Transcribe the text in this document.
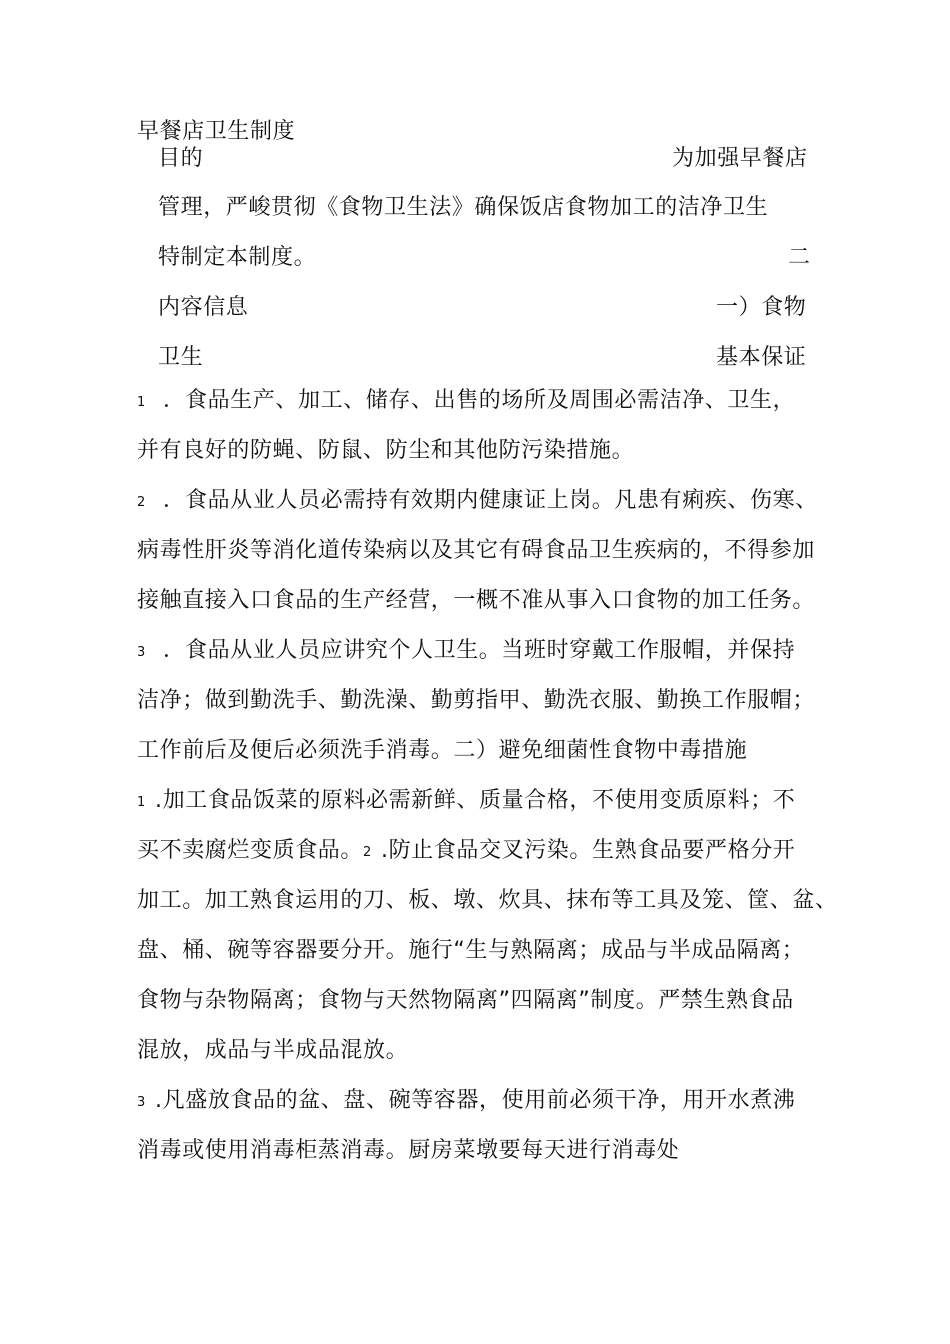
早餐店卫生制度
目的	为加强早餐店
管理，严峻贯彻《食物卫生法》确保饭店食物加工的洁净卫生
特制定本制度。	二
内容信息	一）食物
卫生	基本保证
1 ．食品生产、加工、储存、出售的场所及周围必需洁净、卫生，
并有良好的防蝇、防鼠、防尘和其他防污染措施。
2 ．食品从业人员必需持有效期内健康证上岗。凡患有痢疾、伤寒、
病毒性肝炎等消化道传染病以及其它有碍食品卫生疾病的，不得参加
接触直接入口食品的生产经营，一概不准从事入口食物的加工任务。
3 ．食品从业人员应讲究个人卫生。当班时穿戴工作服帽，并保持
洁净；做到勤洗手、勤洗澡、勤剪指甲、勤洗衣服、勤换工作服帽；
工作前后及便后必须洗手消毒。二）避免细菌性食物中毒措施
1 .加工食品饭菜的原料必需新鲜、质量合格，不使用变质原料；不
买不卖腐烂变质食品。2 .防止食品交叉污染。生熟食品要严格分开
加工。加工熟食运用的刀、板、墩、炊具、抹布等工具及笼、筐、盆、
盘、桶、碗等容器要分开。施行“生与熟隔离；成品与半成品隔离；
食物与杂物隔离；食物与天然物隔离”四隔离”制度。严禁生熟食品
混放，成品与半成品混放。
3 .凡盛放食品的盆、盘、碗等容器，使用前必须干净，用开水煮沸
消毒或使用消毒柜蒸消毒。厨房菜墩要每天进行消毒处
